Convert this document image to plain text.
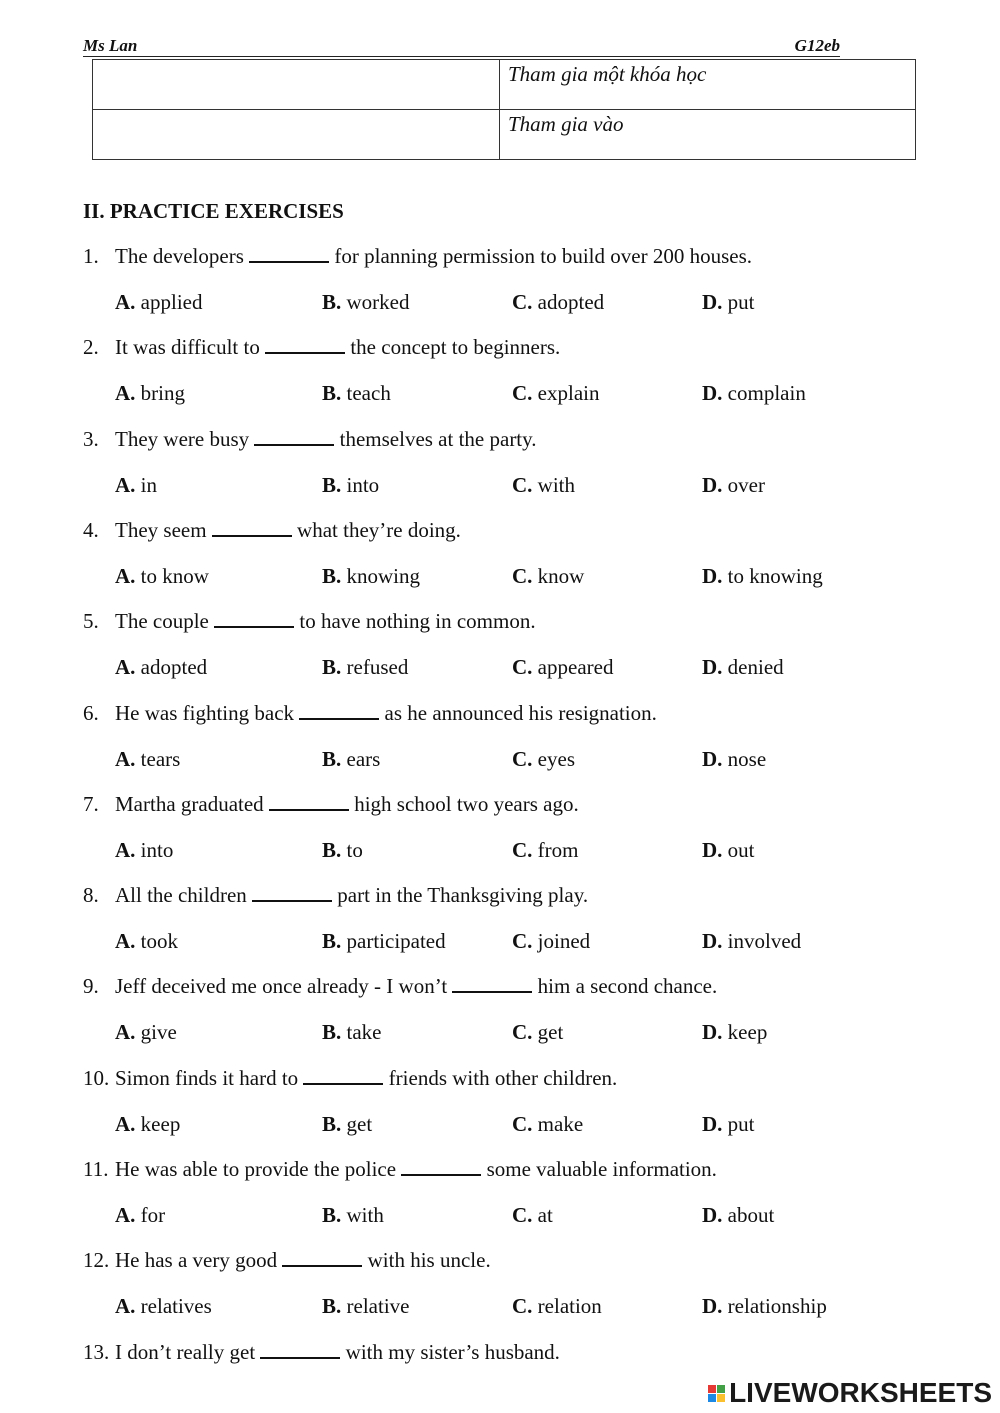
Ms Lan	G12eb
	Tham gia một khóa học
	Tham gia vào
II. PRACTICE EXERCISES
1. The developers	for planning permission to build over 200 houses.
A. applied	B. worked	C. adopted	D. put
2. It was difficult to	the concept to beginners.
A. bring	B. teach	C. explain	D. complain
3. They were busy	themselves at the party.
A. in	B. into	C. with	D. over
4. They seem	what they’re doing.
A. to know	B. knowing	C. know	D. to knowing
5. The couple	to have nothing in common.
A. adopted	B. refused	C. appeared	D. denied
6. He was fighting back	as he announced his resignation.
A. tears	B. ears	C. eyes	D. nose
7. Martha graduated	high school two years ago.
A. into	B. to	C. from	D. out
8. All the children	part in the Thanksgiving play.
A. took	B. participated	C. joined	D. involved
9. Jeff deceived me once already - I won’t	him a second chance.
A. give	B. take	C. get	D. keep
10. Simon finds it hard to	friends with other children.
A. keep	B. get	C. make	D. put
11. He was able to provide the police	some valuable information.
A. for	B. with	C. at	D. about
12. He has a very good	with his uncle.
A. relatives	B. relative	C. relation	D. relationship
13. I don’t really get	with my sister’s husband.
LIVEWORKSHEETS
